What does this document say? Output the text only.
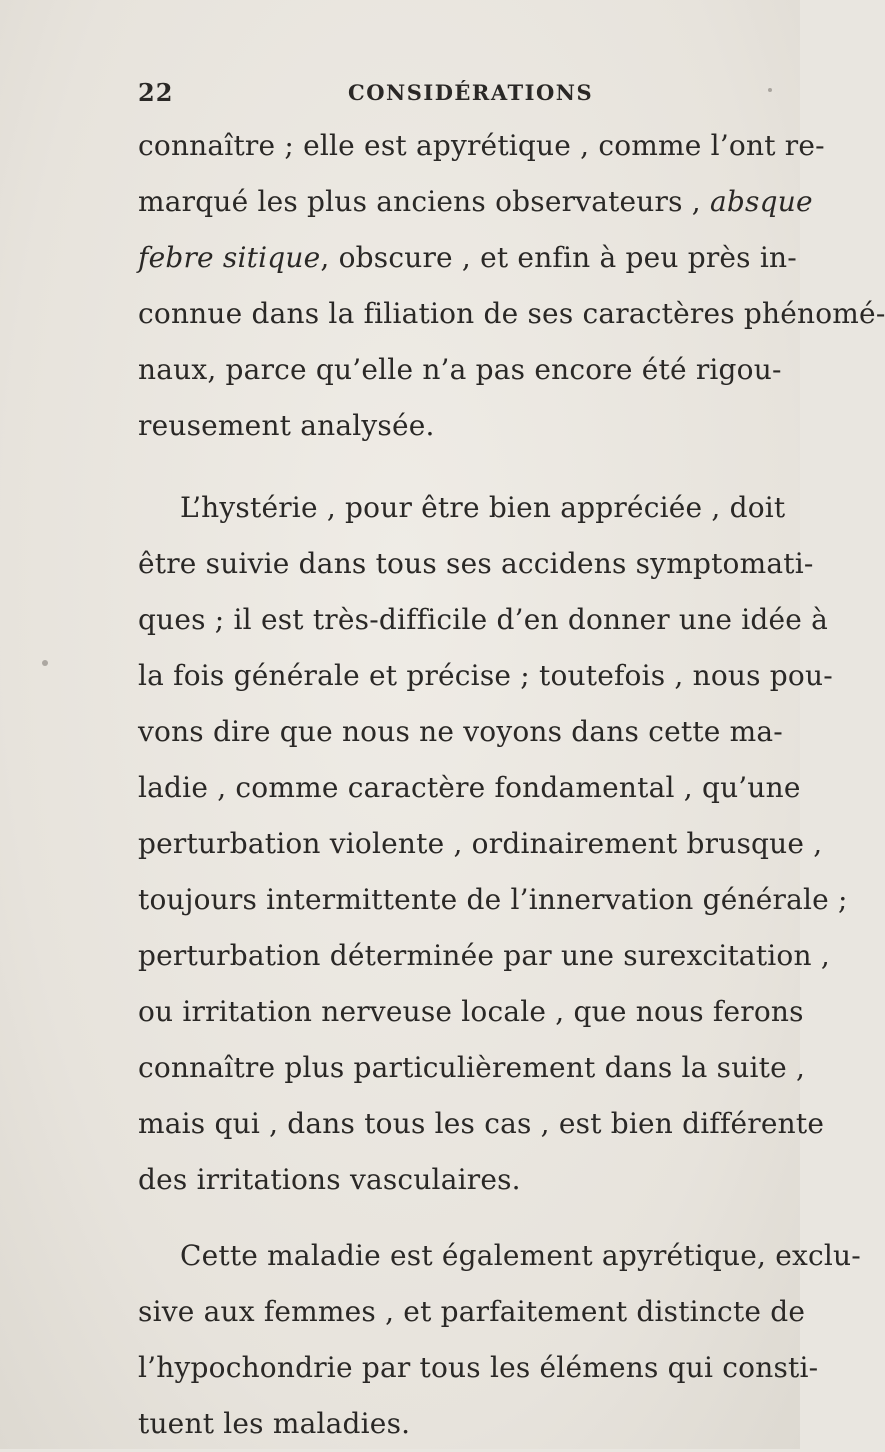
22	CONSIDÉRATIONS
connaître ; elle est apyrétique , comme l’ont re-
marqué les plus anciens observateurs , absque
febre sitique, obscure , et enfin à peu près in-
connue dans la filiation de ses caractères phénomé-
naux, parce qu’elle n’a pas encore été rigou-
reusement analysée.
L’hystérie , pour être bien appréciée , doit
être suivie dans tous ses accidens symptomati-
ques ; il est très-difficile d’en donner une idée à
la fois générale et précise ; toutefois , nous pou-
vons dire que nous ne voyons dans cette ma-
ladie , comme caractère fondamental , qu’une
perturbation violente , ordinairement brusque ,
toujours intermittente de l’innervation générale ;
perturbation déterminée par une surexcitation ,
ou irritation nerveuse locale , que nous ferons
connaître plus particulièrement dans la suite ,
mais qui , dans tous les cas , est bien différente
des irritations vasculaires.
Cette maladie est également apyrétique, exclu-
sive aux femmes , et parfaitement distincte de
l’hypochondrie par tous les élémens qui consti-
tuent les maladies.
